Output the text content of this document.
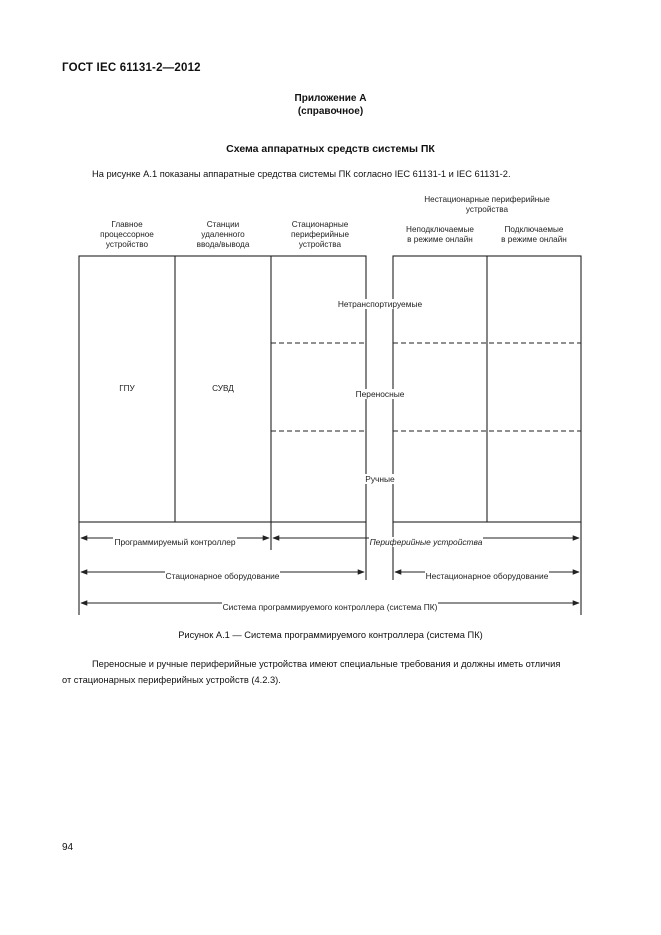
ГОСТ IEC 61131-2—2012
Приложение А
(справочное)
Схема аппаратных средств системы ПК
На рисунке А.1 показаны аппаратные средства системы ПК согласно IEC 61131-1 и IEC 61131-2.
Нестационарные периферийные
устройства
Главное
процессорное
устройство
Станции
удаленного
ввода/вывода
Стационарные
периферийные
устройства
Неподключаемые
в режиме онлайн
Подключаемые
в режиме онлайн
ГПУ	СУВД
Нетранспортируемые
Переносные
Ручные
Программируемый контроллер	Периферийные устройства
Стационарное оборудование	Нестационарное оборудование
Система программируемого контроллера (система ПК)
Рисунок А.1 — Система программируемого контроллера (система ПК)
Переносные и ручные периферийные устройства имеют специальные требования и должны иметь отличия
от стационарных периферийных устройств (4.2.3).
94
